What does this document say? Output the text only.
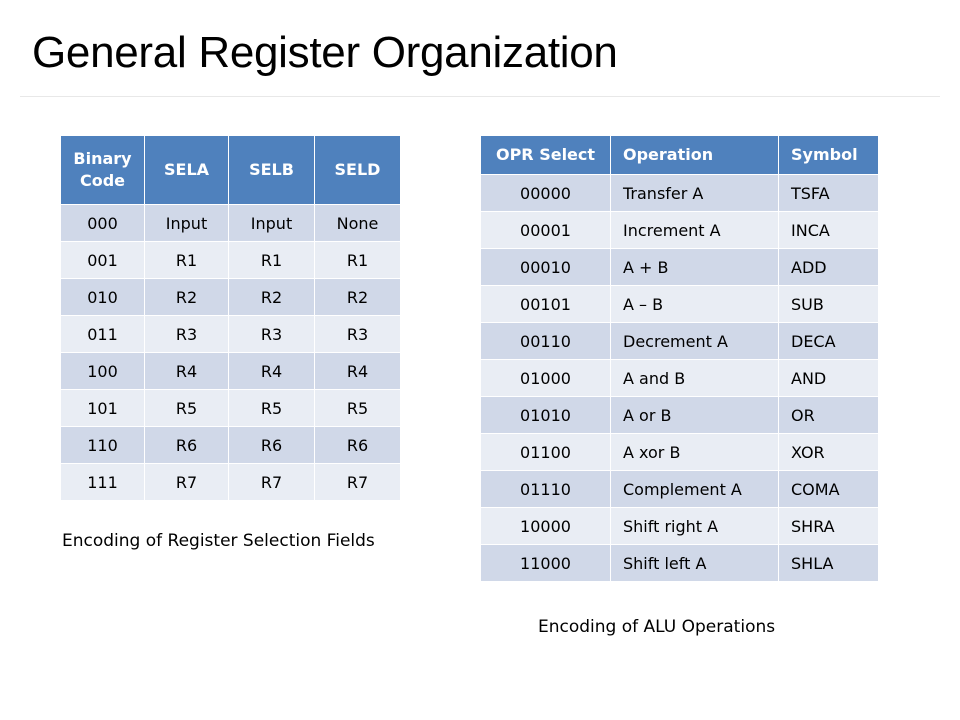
General Register Organization
Binary Code	SELA	SELB	SELD
000	Input	Input	None
001	R1	R1	R1
010	R2	R2	R2
011	R3	R3	R3
100	R4	R4	R4
101	R5	R5	R5
110	R6	R6	R6
111	R7	R7	R7
Encoding of Register Selection Fields
OPR Select	Operation	Symbol
00000	Transfer A	TSFA
00001	Increment A	INCA
00010	A + B	ADD
00101	A – B	SUB
00110	Decrement A	DECA
01000	A and B	AND
01010	A or B	OR
01100	A xor B	XOR
01110	Complement A	COMA
10000	Shift right A	SHRA
11000	Shift left A	SHLA
Encoding of ALU Operations
